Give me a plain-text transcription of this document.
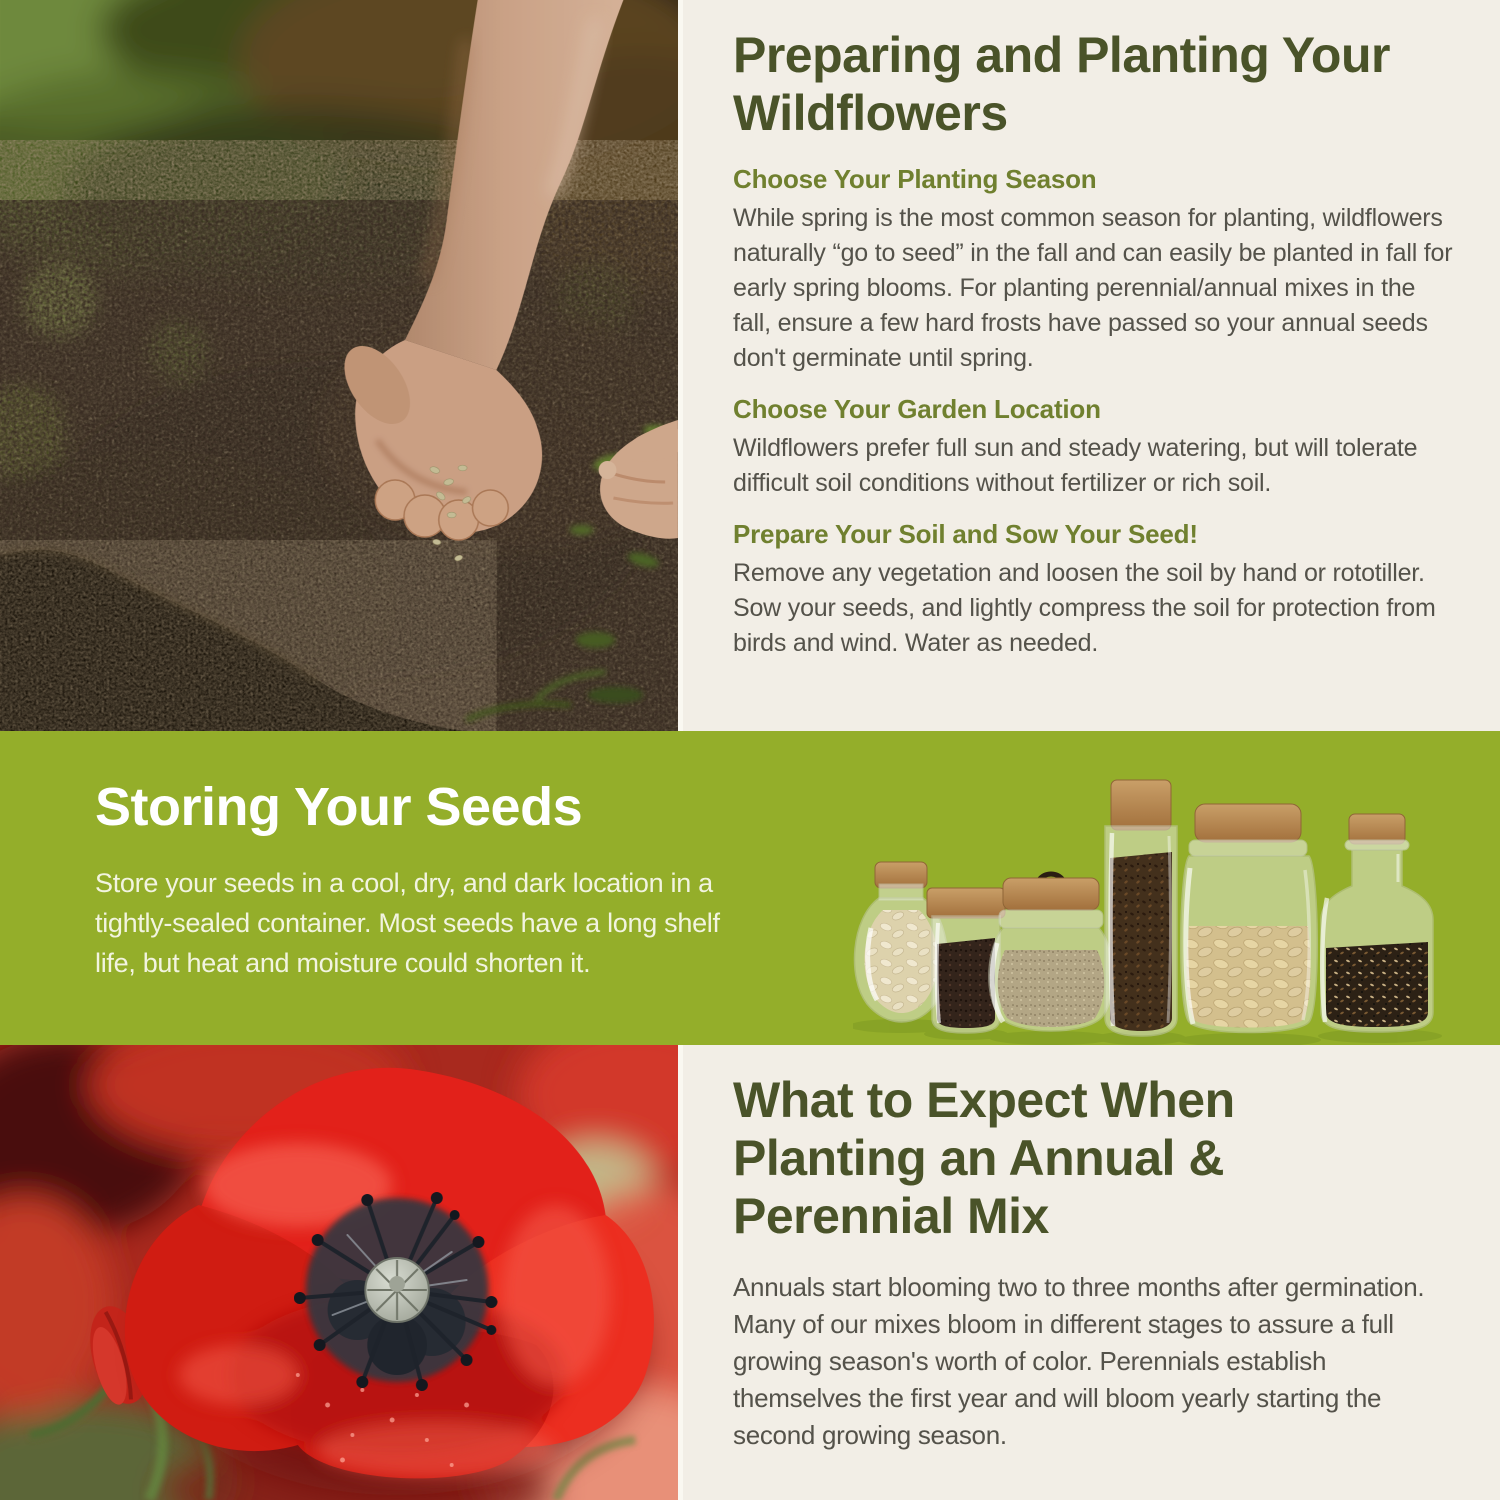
Preparing and Planting Your Wildflowers
Choose Your Planting Season

While spring is the most common season for planting, wildflowers naturally “go to seed” in the fall and can easily be planted in fall for early spring blooms. For planting perennial/annual mixes in the fall, ensure a few hard frosts have passed so your annual seeds don't germinate until spring.

Choose Your Garden Location

Wildflowers prefer full sun and steady watering, but will tolerate difficult soil conditions without fertilizer or rich soil.

Prepare Your Soil and Sow Your Seed!

Remove any vegetation and loosen the soil by hand or rototiller. Sow your seeds, and lightly compress the soil for protection from birds and wind. Water as needed.

Storing Your Seeds

Store your seeds in a cool, dry, and dark location in a tightly-sealed container. Most seeds have a long shelf life, but heat and moisture could shorten it.

What to Expect When Planting an Annual & Perennial Mix

Annuals start blooming two to three months after germination. Many of our mixes bloom in different stages to assure a full growing season's worth of color. Perennials establish themselves the first year and will bloom yearly starting the second growing season.
